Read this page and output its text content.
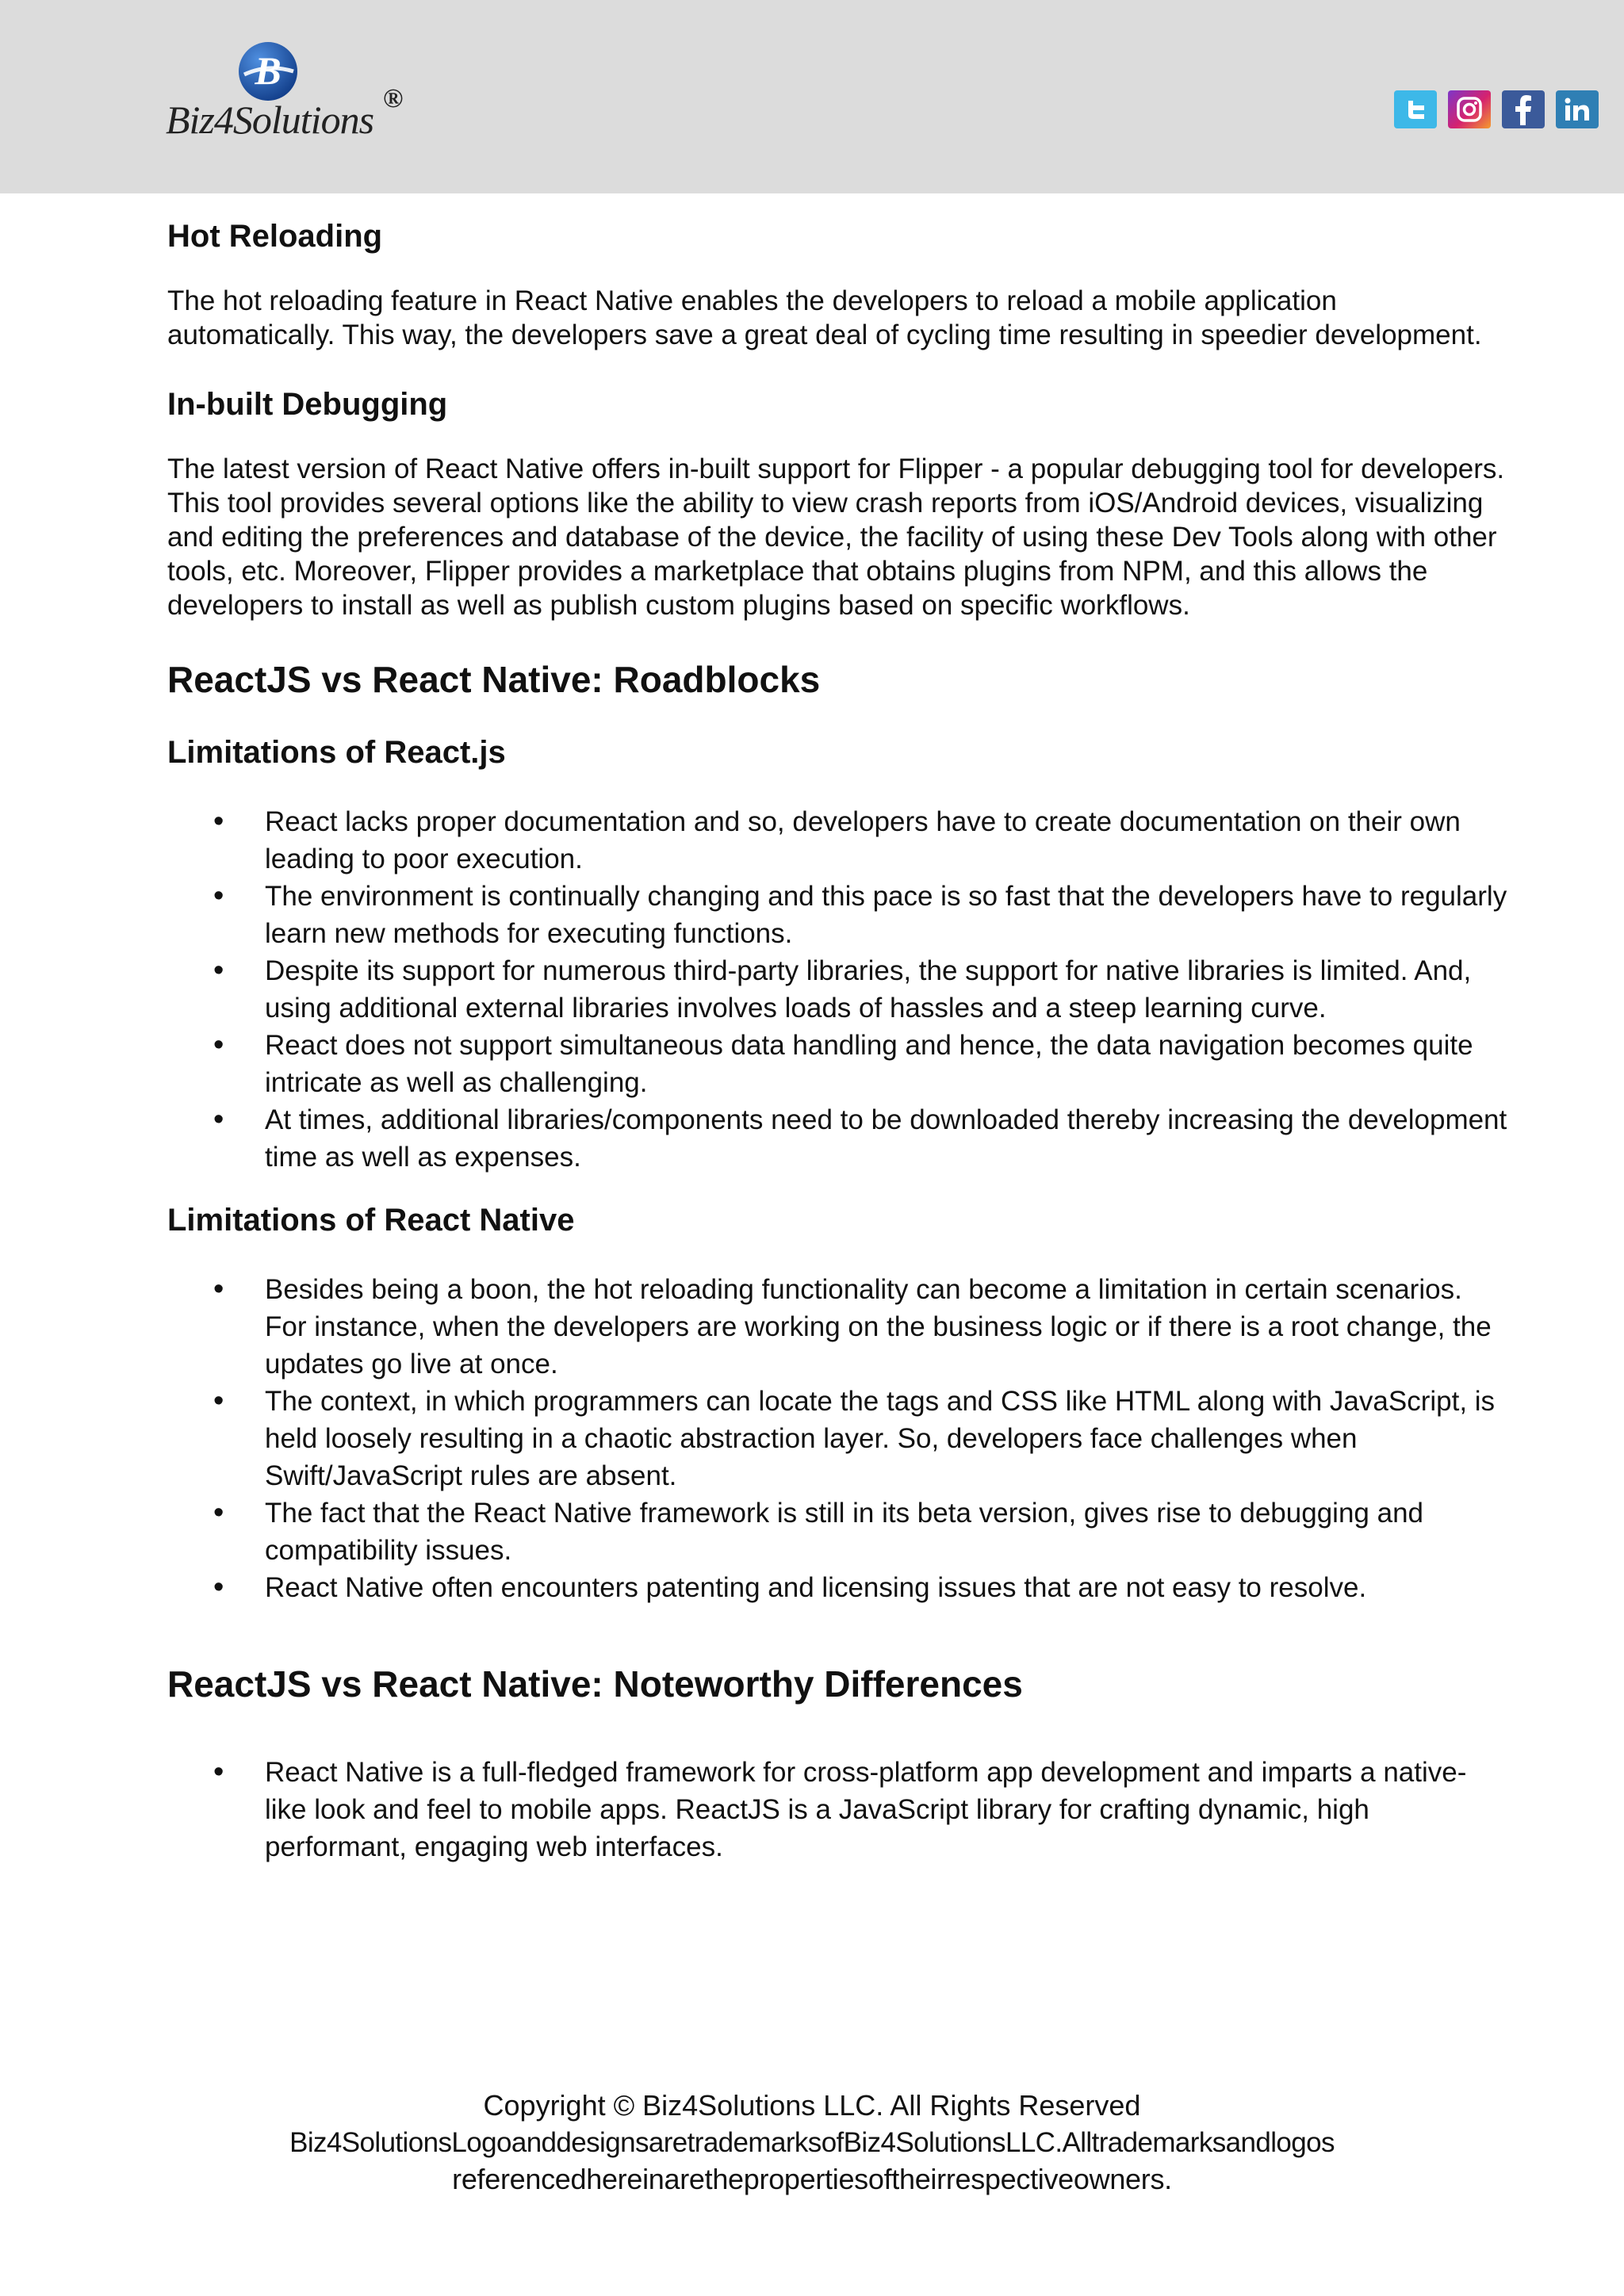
B
Biz4Solutions ®
Hot Reloading

The hot reloading feature in React Native enables the developers to reload a mobile application automatically. This way, the developers save a great deal of cycling time resulting in speedier development.

In-built Debugging

The latest version of React Native offers in-built support for Flipper - a popular debugging tool for developers. This tool provides several options like the ability to view crash reports from iOS/Android devices, visualizing and editing the preferences and database of the device, the facility of using these Dev Tools along with other tools, etc. Moreover, Flipper provides a marketplace that obtains plugins from NPM, and this allows the developers to install as well as publish custom plugins based on specific workflows.

ReactJS vs React Native: Roadblocks
Limitations of React.js
• React lacks proper documentation and so, developers have to create documentation on their own leading to poor execution.
• The environment is continually changing and this pace is so fast that the developers have to regularly learn new methods for executing functions.
• Despite its support for numerous third-party libraries, the support for native libraries is limited. And, using additional external libraries involves loads of hassles and a steep learning curve.
• React does not support simultaneous data handling and hence, the data navigation becomes quite intricate as well as challenging.
• At times, additional libraries/components need to be downloaded thereby increasing the development time as well as expenses.
Limitations of React Native
• Besides being a boon, the hot reloading functionality can become a limitation in certain scenarios. For instance, when the developers are working on the business logic or if there is a root change, the updates go live at once.
• The context, in which programmers can locate the tags and CSS like HTML along with JavaScript, is held loosely resulting in a chaotic abstraction layer. So, developers face challenges when Swift/JavaScript rules are absent.
• The fact that the React Native framework is still in its beta version, gives rise to debugging and compatibility issues.
• React Native often encounters patenting and licensing issues that are not easy to resolve.
ReactJS vs React Native: Noteworthy Differences
• React Native is a full-fledged framework for cross-platform app development and imparts a native-like look and feel to mobile apps. ReactJS is a JavaScript library for crafting dynamic, high performant, engaging web interfaces.
Copyright © Biz4Solutions LLC. All Rights Reserved
Biz4SolutionsLogoanddesignsaretrademarksofBiz4SolutionsLLC.Alltrademarksandlogos
referencedhereinarethepropertiesoftheirrespectiveowners.
